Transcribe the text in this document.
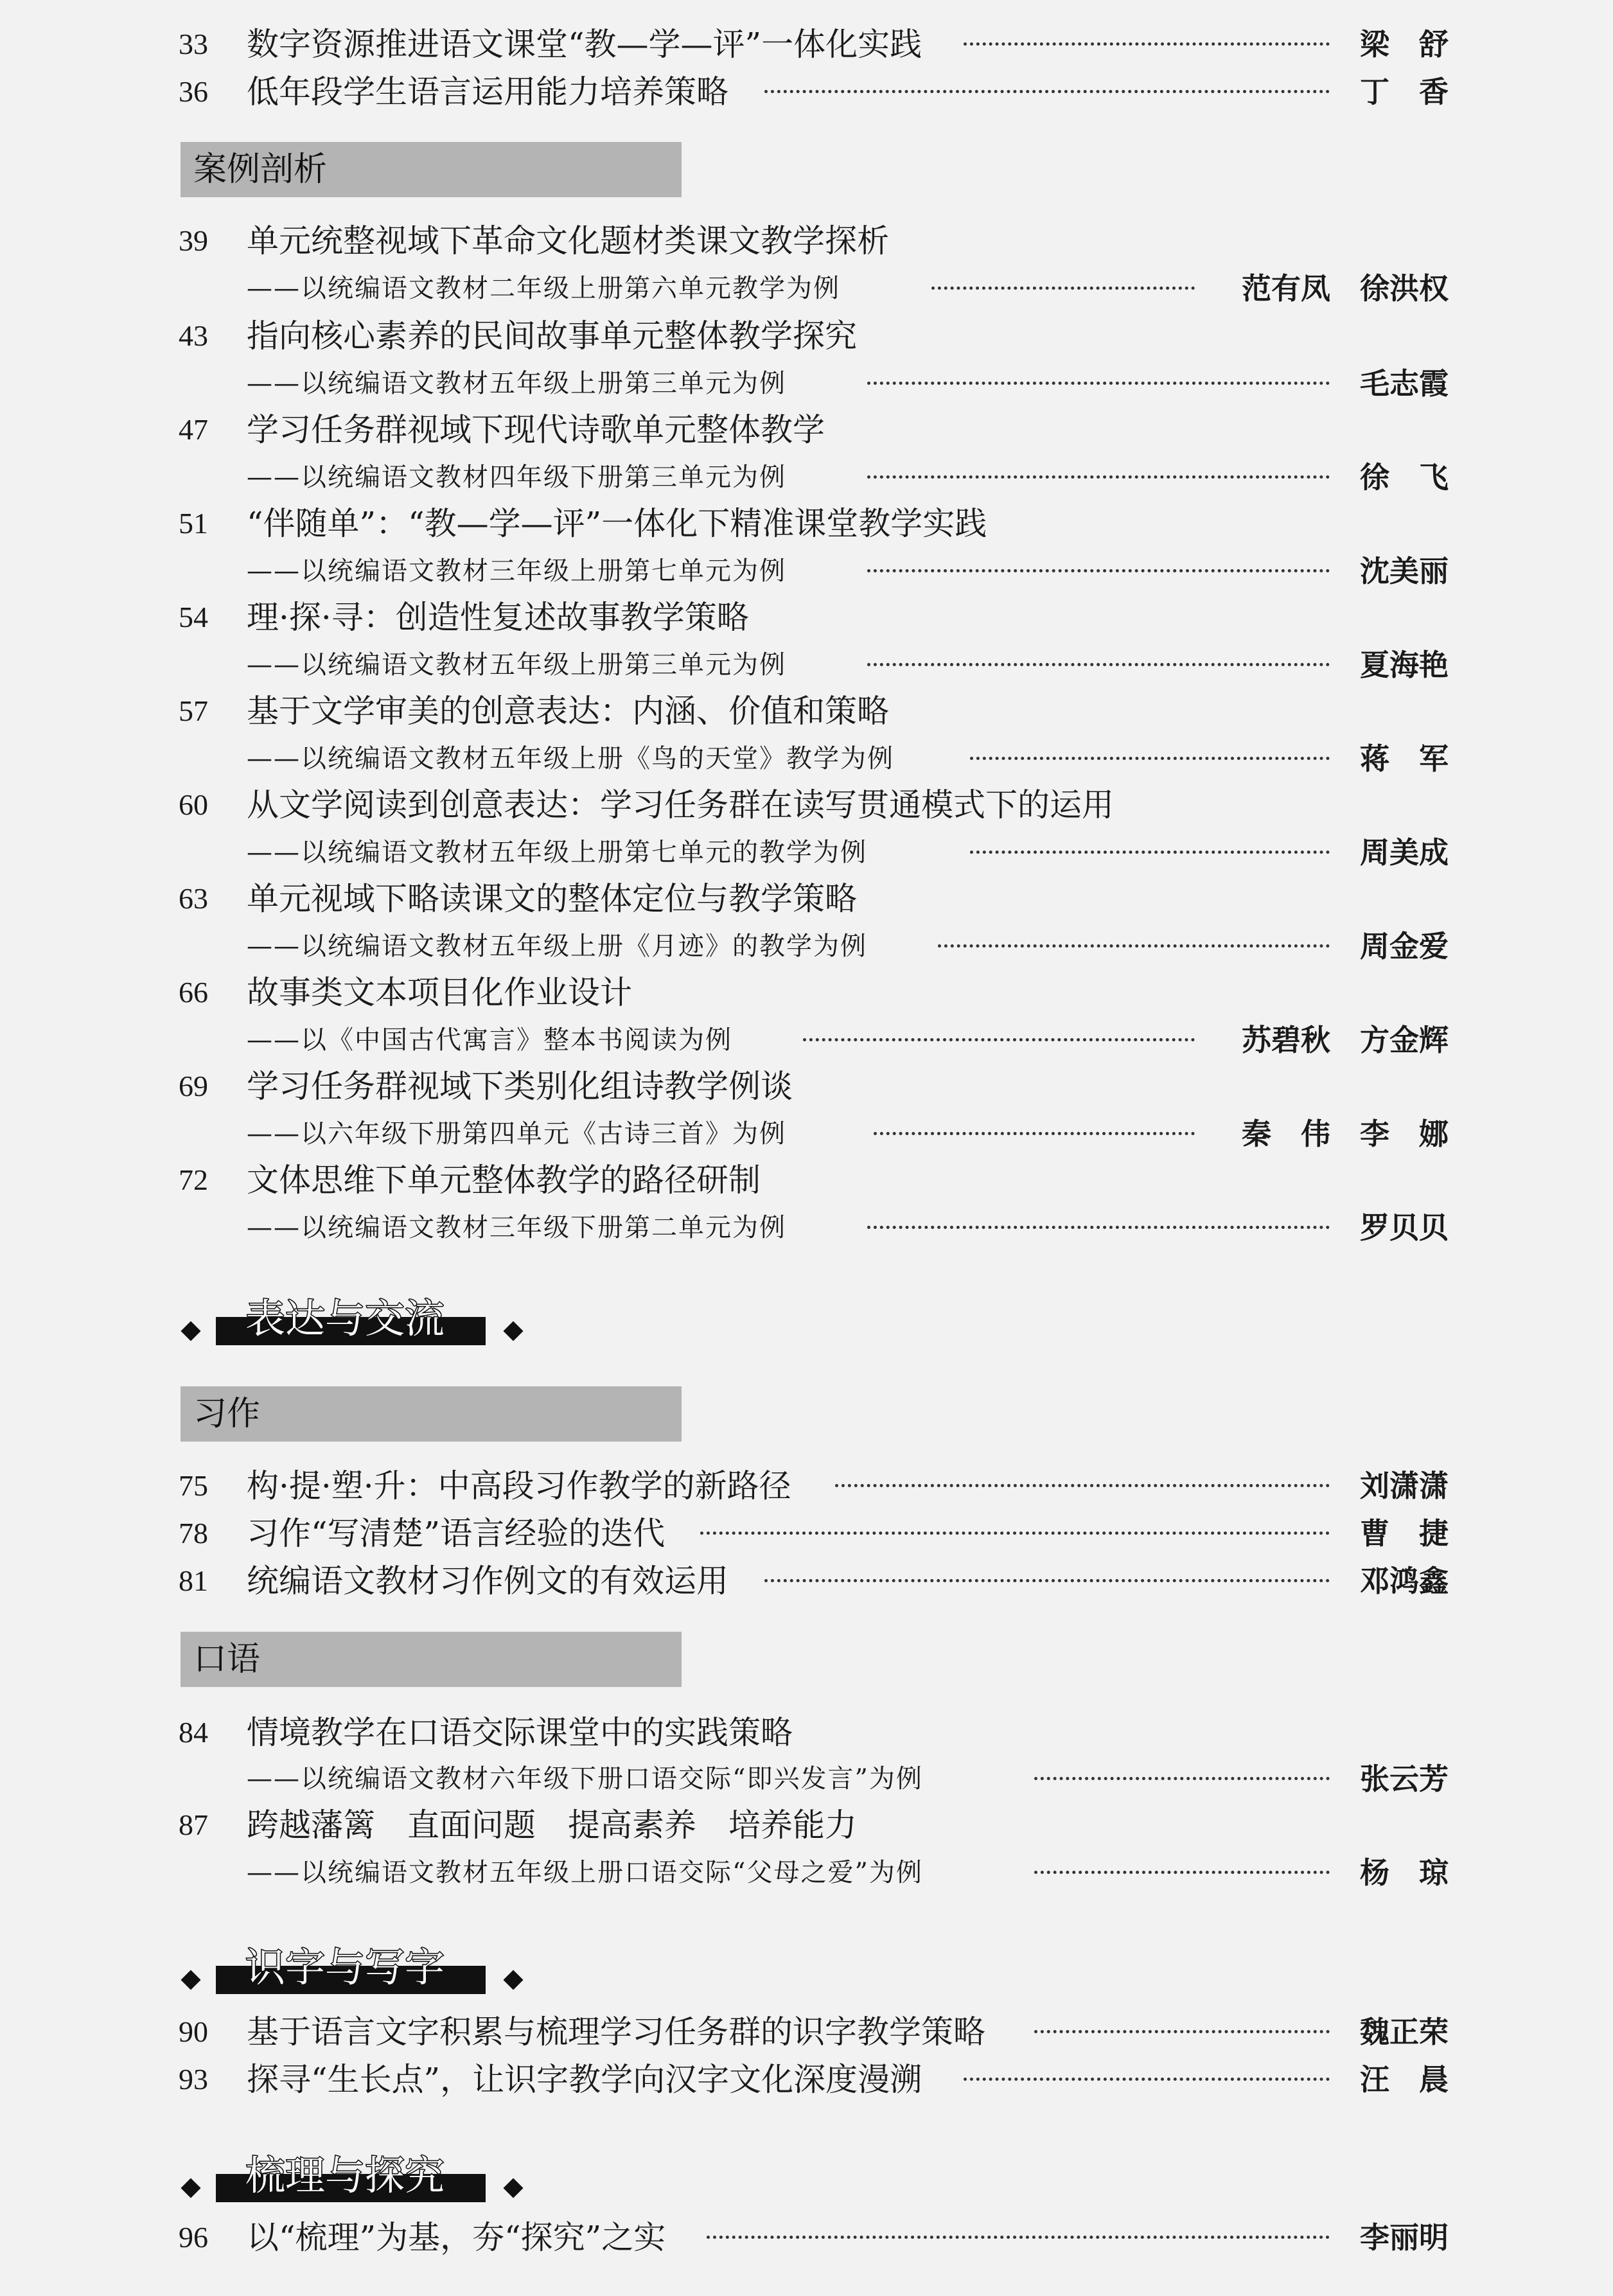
33 数字资源推进语文课堂“教—学—评”一体化实践	梁　舒
36 低年段学生语言运用能力培养策略	丁　香
案例剖析
39 单元统整视域下革命文化题材类课文教学探析
——以统编语文教材二年级上册第六单元教学为例	范有凤　徐洪权
43 指向核心素养的民间故事单元整体教学探究
——以统编语文教材五年级上册第三单元为例	毛志霞
47 学习任务群视域下现代诗歌单元整体教学
——以统编语文教材四年级下册第三单元为例	徐　飞
51 “伴随单”：“教—学—评”一体化下精准课堂教学实践
——以统编语文教材三年级上册第七单元为例	沈美丽
54 理·探·寻：创造性复述故事教学策略
——以统编语文教材五年级上册第三单元为例	夏海艳
57 基于文学审美的创意表达：内涵、价值和策略
——以统编语文教材五年级上册《鸟的天堂》教学为例	蒋　军
60 从文学阅读到创意表达：学习任务群在读写贯通模式下的运用
——以统编语文教材五年级上册第七单元的教学为例	周美成
63 单元视域下略读课文的整体定位与教学策略
——以统编语文教材五年级上册《月迹》的教学为例	周金爱
66 故事类文本项目化作业设计
——以《中国古代寓言》整本书阅读为例	苏碧秋　方金辉
69 学习任务群视域下类别化组诗教学例谈
——以六年级下册第四单元《古诗三首》为例	秦　伟　李　娜
72 文体思维下单元整体教学的路径研制
——以统编语文教材三年级下册第二单元为例	罗贝贝
表达与交流
习作
75 构·提·塑·升：中高段习作教学的新路径	刘潇潇
78 习作“写清楚”语言经验的迭代	曹　捷
81 统编语文教材习作例文的有效运用	邓鸿鑫
口语
84 情境教学在口语交际课堂中的实践策略
——以统编语文教材六年级下册口语交际“即兴发言”为例	张云芳
87 跨越藩篱　直面问题　提高素养　培养能力
——以统编语文教材五年级上册口语交际“父母之爱”为例	杨　琼
识字与写字
90 基于语言文字积累与梳理学习任务群的识字教学策略	魏正荣
93 探寻“生长点”，让识字教学向汉字文化深度漫溯	汪　晨
梳理与探究
96 以“梳理”为基，夯“探究”之实	李丽明
